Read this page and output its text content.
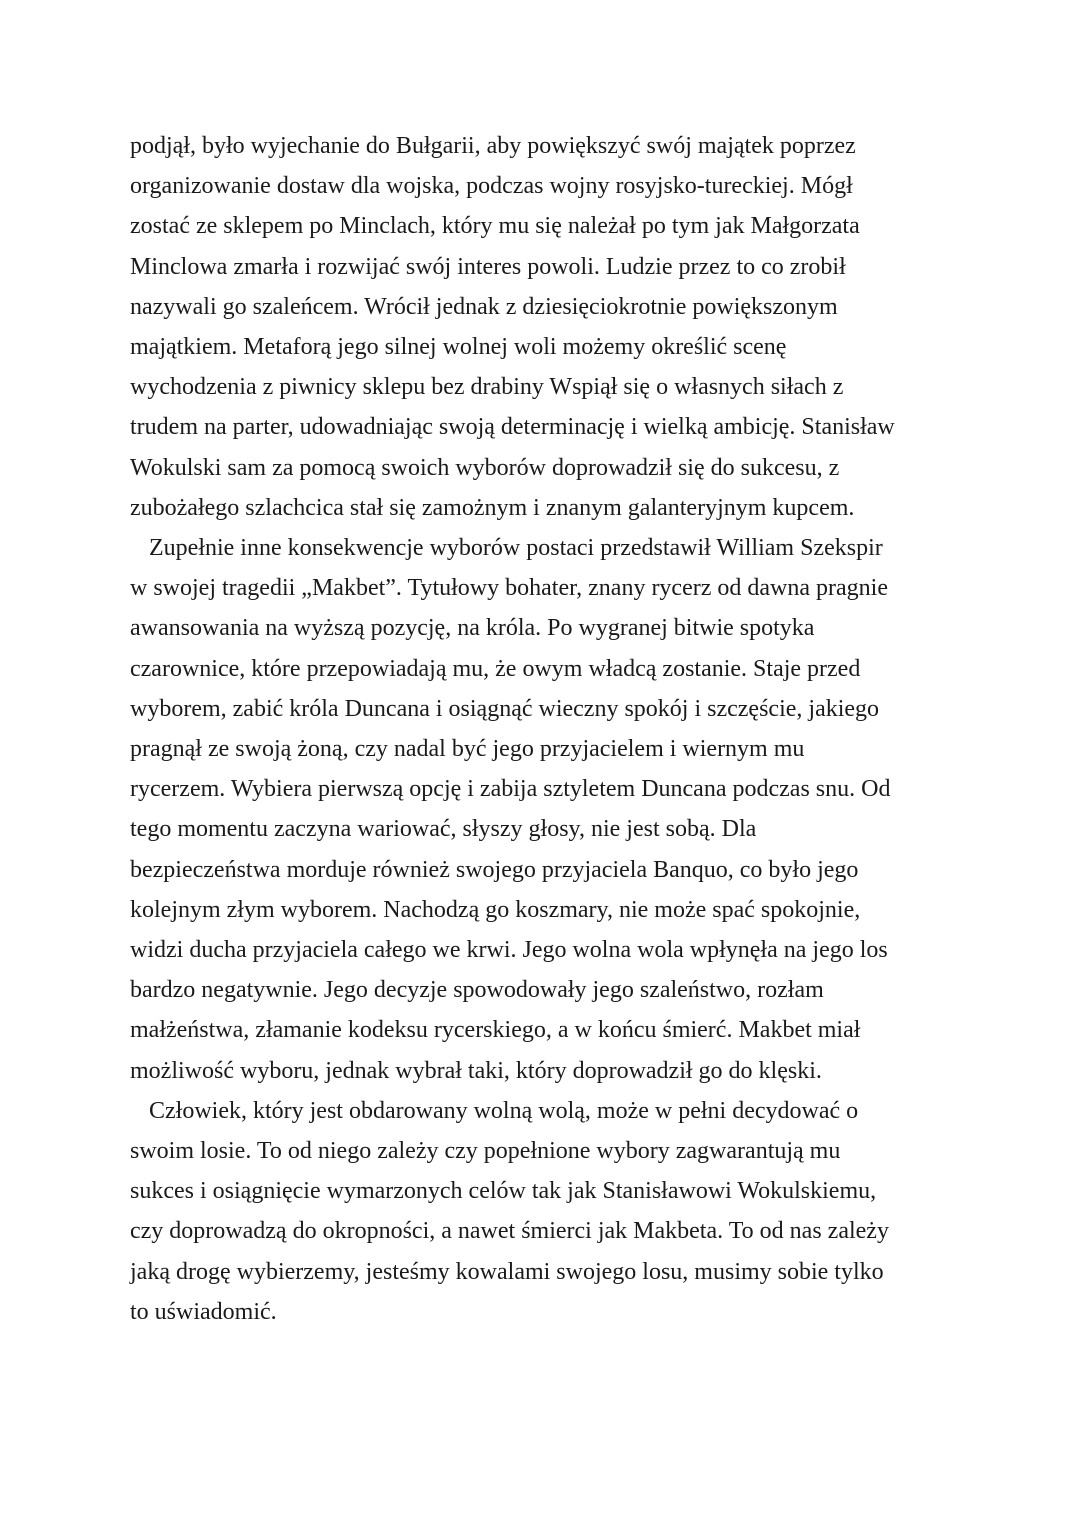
podjął, było wyjechanie do Bułgarii, aby powiększyć swój majątek poprzez
organizowanie dostaw dla wojska, podczas wojny rosyjsko-tureckiej. Mógł
zostać ze sklepem po Minclach, który mu się należał po tym jak Małgorzata
Minclowa zmarła i rozwijać swój interes powoli. Ludzie przez to co zrobił
nazywali go szaleńcem. Wrócił jednak z dziesięciokrotnie powiększonym
majątkiem. Metaforą jego silnej wolnej woli możemy określić scenę
wychodzenia z piwnicy sklepu bez drabiny Wspiął się o własnych siłach z
trudem na parter, udowadniając swoją determinację i wielką ambicję. Stanisław
Wokulski sam za pomocą swoich wyborów doprowadził się do sukcesu, z
zubożałego szlachcica stał się zamożnym i znanym galanteryjnym kupcem.

Zupełnie inne konsekwencje wyborów postaci przedstawił William Szekspir
w swojej tragedii „Makbet”. Tytułowy bohater, znany rycerz od dawna pragnie
awansowania na wyższą pozycję, na króla. Po wygranej bitwie spotyka
czarownice, które przepowiadają mu, że owym władcą zostanie. Staje przed
wyborem, zabić króla Duncana i osiągnąć wieczny spokój i szczęście, jakiego
pragnął ze swoją żoną, czy nadal być jego przyjacielem i wiernym mu
rycerzem. Wybiera pierwszą opcję i zabija sztyletem Duncana podczas snu. Od
tego momentu zaczyna wariować, słyszy głosy, nie jest sobą. Dla
bezpieczeństwa morduje również swojego przyjaciela Banquo, co było jego
kolejnym złym wyborem. Nachodzą go koszmary, nie może spać spokojnie,
widzi ducha przyjaciela całego we krwi. Jego wolna wola wpłynęła na jego los
bardzo negatywnie. Jego decyzje spowodowały jego szaleństwo, rozłam
małżeństwa, złamanie kodeksu rycerskiego, a w końcu śmierć. Makbet miał
możliwość wyboru, jednak wybrał taki, który doprowadził go do klęski.

Człowiek, który jest obdarowany wolną wolą, może w pełni decydować o
swoim losie. To od niego zależy czy popełnione wybory zagwarantują mu
sukces i osiągnięcie wymarzonych celów tak jak Stanisławowi Wokulskiemu,
czy doprowadzą do okropności, a nawet śmierci jak Makbeta. To od nas zależy
jaką drogę wybierzemy, jesteśmy kowalami swojego losu, musimy sobie tylko
to uświadomić.
